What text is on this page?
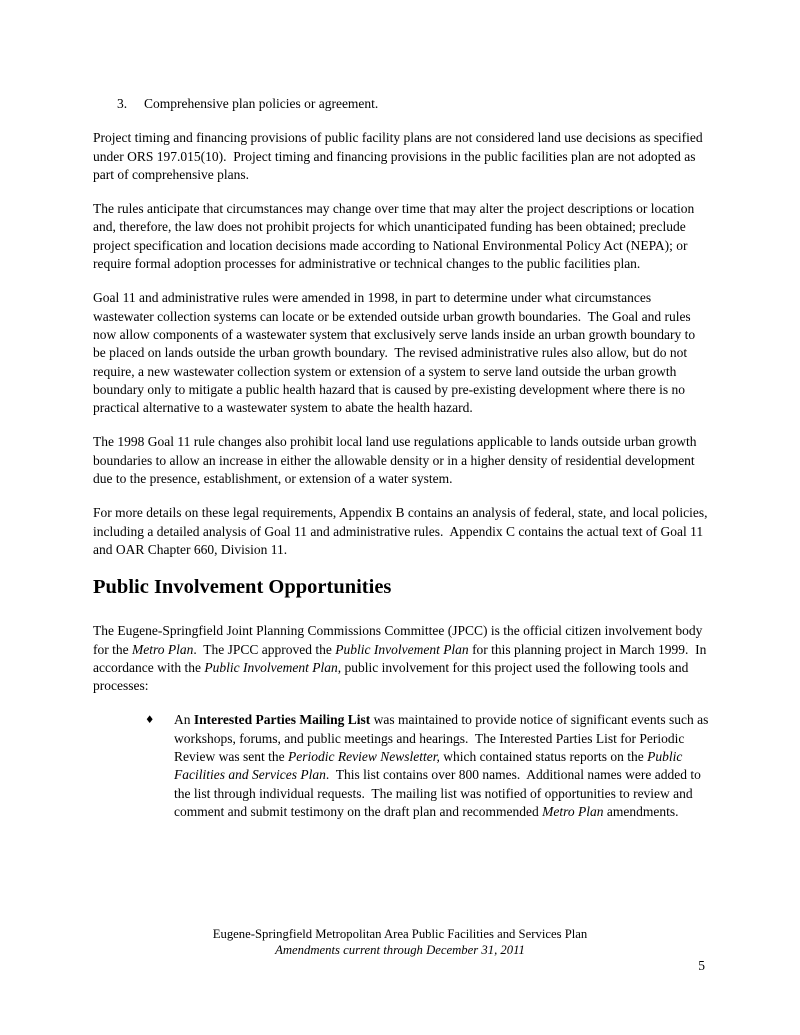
3.	Comprehensive plan policies or agreement.

Project timing and financing provisions of public facility plans are not considered land use decisions as specified under ORS 197.015(10).  Project timing and financing provisions in the public facilities plan are not adopted as part of comprehensive plans.

The rules anticipate that circumstances may change over time that may alter the project descriptions or location and, therefore, the law does not prohibit projects for which unanticipated funding has been obtained; preclude project specification and location decisions made according to National Environmental Policy Act (NEPA); or require formal adoption processes for administrative or technical changes to the public facilities plan.

Goal 11 and administrative rules were amended in 1998, in part to determine under what circumstances wastewater collection systems can locate or be extended outside urban growth boundaries.  The Goal and rules now allow components of a wastewater system that exclusively serve lands inside an urban growth boundary to be placed on lands outside the urban growth boundary.  The revised administrative rules also allow, but do not require, a new wastewater collection system or extension of a system to serve land outside the urban growth boundary only to mitigate a public health hazard that is caused by pre-existing development where there is no practical alternative to a wastewater system to abate the health hazard.

The 1998 Goal 11 rule changes also prohibit local land use regulations applicable to lands outside urban growth boundaries to allow an increase in either the allowable density or in a higher density of residential development due to the presence, establishment, or extension of a water system.

For more details on these legal requirements, Appendix B contains an analysis of federal, state, and local policies, including a detailed analysis of Goal 11 and administrative rules.  Appendix C contains the actual text of Goal 11 and OAR Chapter 660, Division 11.

Public Involvement Opportunities

The Eugene-Springfield Joint Planning Commissions Committee (JPCC) is the official citizen involvement body for the Metro Plan.  The JPCC approved the Public Involvement Plan for this planning project in March 1999.  In accordance with the Public Involvement Plan, public involvement for this project used the following tools and processes:

♦	An Interested Parties Mailing List was maintained to provide notice of significant events such as workshops, forums, and public meetings and hearings.  The Interested Parties List for Periodic Review was sent the Periodic Review Newsletter, which contained status reports on the Public Facilities and Services Plan.  This list contains over 800 names.  Additional names were added to the list through individual requests.  The mailing list was notified of opportunities to review and comment and submit testimony on the draft plan and recommended Metro Plan amendments.
Eugene-Springfield Metropolitan Area Public Facilities and Services Plan
Amendments current through December 31, 2011
5
